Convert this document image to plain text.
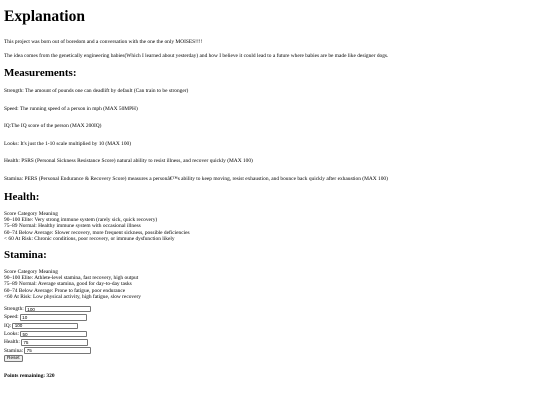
Explanation

This project was born out of boredom and a conversation with the one the only MOISES!!!!

The idea comes from the genetically engineering babies(Which I learned about yesterday) and how I believe it could lead to a future where babies are be made like designer dogs.

Measurements:

Strength: The amount of pounds one can deadlift by default (Can train to be stronger)

Speed: The running speed of a person in mph (MAX 50MPH)

IQ:The IQ score of the person (MAX 200IQ)

Looks: It's just the 1-10 scale multiplied by 10 (MAX 100)

Health: PSRS (Personal Sickness Resistance Score) natural ability to resist illness, and recover quickly (MAX 100)

Stamina: PERS (Personal Endurance & Recovery Score) measures a personâ€™s ability to keep moving, resist exhaustion, and bounce back quickly after exhaustion (MAX 100)

Health:
Score Category Meaning
90–100 Elite: Very strong immune system (rarely sick, quick recovery)
75–89 Normal: Healthy immune system with occasional illness
60–74 Below Average: Slower recovery, more frequent sickness, possible deficiencies
< 60 At Risk: Chronic conditions, poor recovery, or immune dysfunction likely
Stamina:
Score Category Meaning
90–100 Elite: Athlete-level stamina, fast recovery, high output
75–89 Normal: Average stamina, good for day-to-day tasks
60–74 Below Average: Prone to fatigue, poor endurance
<60 At Risk: Low physical activity, high fatigue, slow recovery
Strength:
100
Speed:
10
IQ:
100
Looks:
50
Health:
75
Stamina:
75
Reset
Points remaining: 320
